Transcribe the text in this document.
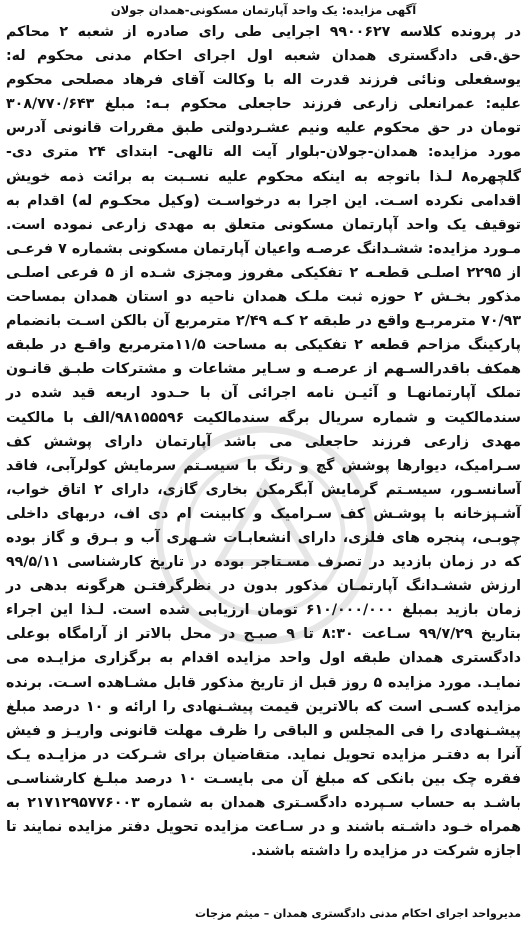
آگهی مزایده: یک واحد آپارتمان مسکونی-همدان جولان

در پرونده کلاسه ۹۹۰۰۶۲۷ اجرایی طی رای صادره از شعبه ۲ محاکم حق.قی دادگستری همدان شعبه اول اجرای احکام مدنی محکوم له: یوسفعلی ونائی فرزند قدرت اله با وکالت آقای فرهاد مصلحی محکوم علیه: عمرانعلی زارعی فرزند حاجعلی محکوم بـه: مبلغ ۳۰۸/۷۷۰/۶۴۳ تومان در حق محکوم علیه ونیم عشـردولتی طبق مقررات قانونی آدرس مورد مزایده: همدان-جولان-بلوار آیت اله تالهی- ابتدای ۲۴ متری دی- گلچهره۸ لـذا باتوجه به اینکه محکوم علیه نسـبت به برائت ذمه خویش اقدامی نکرده اسـت. این اجرا به درخواسـت (وکیل محکـوم له) اقدام به توقیف یک واحد آپارتمان مسکونی متعلق به مهدی زارعی نموده است. مـورد مزایده: ششـدانگ عرصـه واعیان آپارتمان مسکونی بشماره ۷ فرعـی از ۲۲۹۵ اصلـی قطعـه ۲ تفکیکی مفروز ومجزی شـده از ۵ فرعی اصلـی مذکور بخـش ۲ حوزه ثبت ملـک همدان ناحیه دو استان همدان بمساحت ۷۰/۹۳ مترمربـع واقع در طبقه ۲ کـه ۲/۴۹ مترمربع آن بالکن اسـت بانضمام پارکینگ مزاحم قطعه ۲ تفکیکی به مساحت ۱۱/۵مترمربع واقـع در طبقه همکف باقدرالسـهم از عرصـه و سـایر مشاعات و مشترکات طبـق قانـون تملک آپارتمانهـا و آئیـن نامه اجرائی آن با حـدود اربعه قید شده در سندمالکیت و شماره سریال برگه سندمالکیت ۹۸۱۵۵۵۹۶/الف با مالکیت مهدی زارعی فرزند حاجعلی می باشد آپارتمان دارای پوشش کف سـرامیک، دیوارها پوشش گچ و رنگ با سیسـتم سرمایش کولرآبی، فاقد آسانسـور، سیسـتم گرمایش آبگرمکن بخاری گازی، دارای ۲ اتاق خواب، آشـپزخانه با پوشـش کف سـرامیک و کابینت ام دی اف، دربهای داخلی چوبـی، پنجره های فلزی، دارای انشعابـات شـهری آب و بـرق و گاز بوده که در زمان بازدید در تصرف مسـتاجر بوده در تاریخ کارشناسی ۹۹/۵/۱۱ ارزش ششـدانگ آپارتمـان مذکور بدون در نظرگرفتـن هرگونه بدهی در زمان بازید بمبلغ ۶۱۰/۰۰۰/۰۰۰ تومان ارزیابی شده است. لـذا این اجراء بتاریخ ۹۹/۷/۲۹ سـاعت ۸:۳۰ تا ۹ صبـح در محل بالاتر از آرامگاه بوعلی دادگستری همدان طبقه اول واحد مزایده اقدام به برگزاری مزایـده می نمایـد. مورد مزایده ۵ روز قبل از تاریخ مذکور قابل مشـاهده اسـت. برنده مزایده کسـی است که بالاترین قیمت پیشـنهادی را ارائه و ۱۰ درصد مبلغ پیشـنهادی را فی المجلس و الباقی را ظرف مهلت قانونی واریـز و فیش آنرا به دفتـر مزایده تحویل نماید. متقاضیان برای شـرکت در مزایـده یـک فقره چک بین بانکی که مبلغ آن می بایسـت ۱۰ درصد مبلـغ کارشناسـی باشـد به حساب سـپرده دادگسـتری همدان به شماره ۲۱۷۱۲۹۵۷۷۶۰۰۳ به همراه خـود داشـته باشند و در سـاعت مزایده تحویل دفتر مزایده نمایند تا اجازه شرکت در مزایده را داشته باشند.

مدیرواحد اجرای احکام مدنی دادگستری همدان – میثم مزجات
